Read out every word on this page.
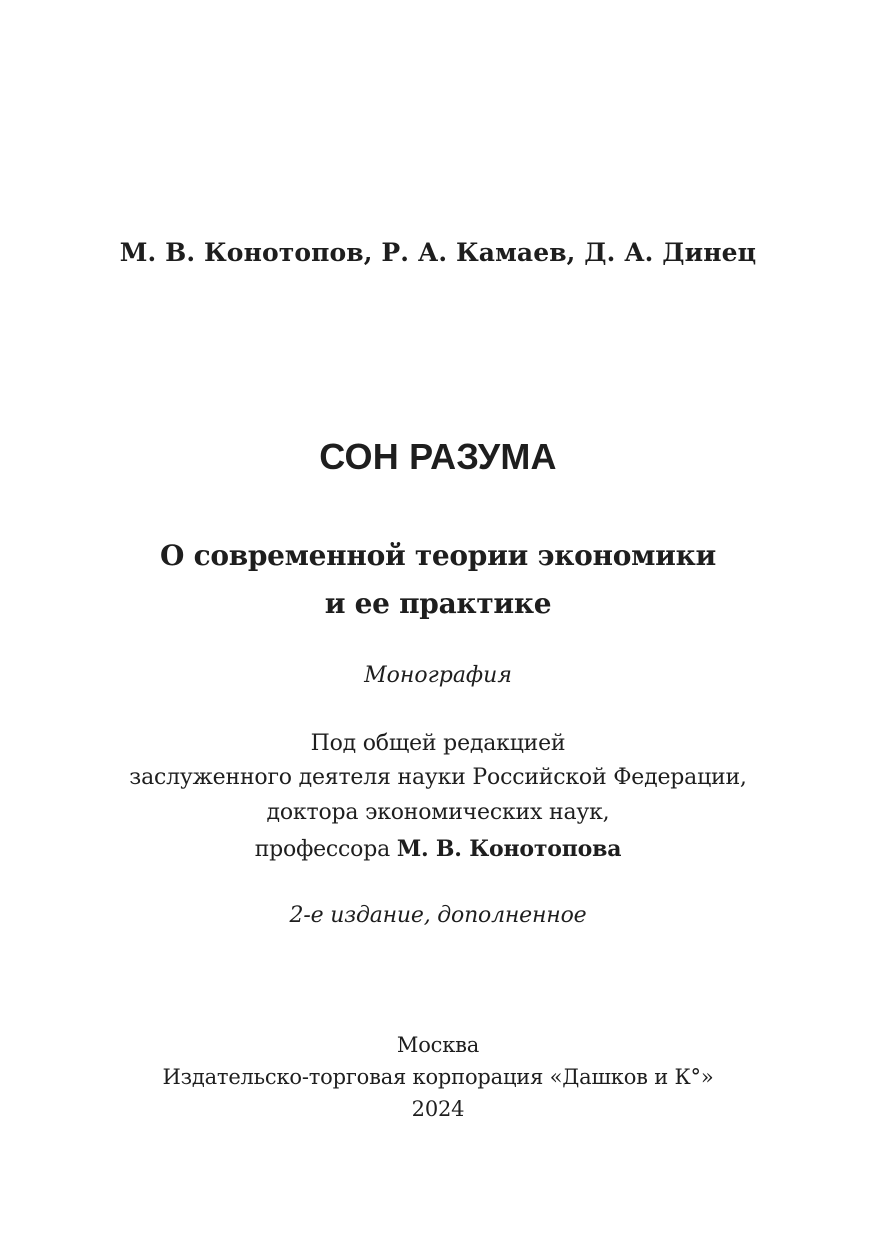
М. В. Конотопов, Р. А. Камаев, Д. А. Динец

СОН РАЗУМА

О современной теории экономики

и ее практике

Монография

Под общей редакцией

заслуженного деятеля науки Российской Федерации,

доктора экономических наук,

профессора М. В. Конотопова

2-е издание, дополненное

Москва

Издательско-торговая корпорация «Дашков и К°»

2024
